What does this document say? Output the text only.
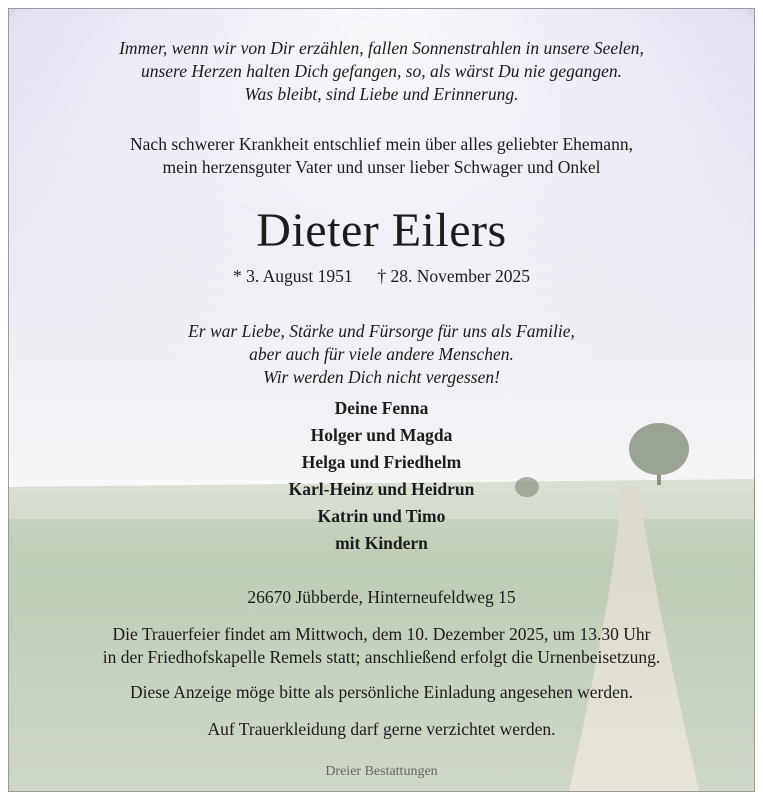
Immer, wenn wir von Dir erzählen, fallen Sonnenstrahlen in unsere Seelen,
unsere Herzen halten Dich gefangen, so, als wärst Du nie gegangen.
Was bleibt, sind Liebe und Erinnerung.
Nach schwerer Krankheit entschlief mein über alles geliebter Ehemann,
mein herzensguter Vater und unser lieber Schwager und Onkel
Dieter Eilers
* 3. August 1951 † 28. November 2025
Er war Liebe, Stärke und Fürsorge für uns als Familie,
aber auch für viele andere Menschen.
Wir werden Dich nicht vergessen!
Deine Fenna
Holger und Magda
Helga und Friedhelm
Karl-Heinz und Heidrun
Katrin und Timo
mit Kindern
26670 Jübberde, Hinterneufeldweg 15
Die Trauerfeier findet am Mittwoch, dem 10. Dezember 2025, um 13.30 Uhr
in der Friedhofskapelle Remels statt; anschließend erfolgt die Urnenbeisetzung.
Diese Anzeige möge bitte als persönliche Einladung angesehen werden.
Auf Trauerkleidung darf gerne verzichtet werden.
Dreier Bestattungen
